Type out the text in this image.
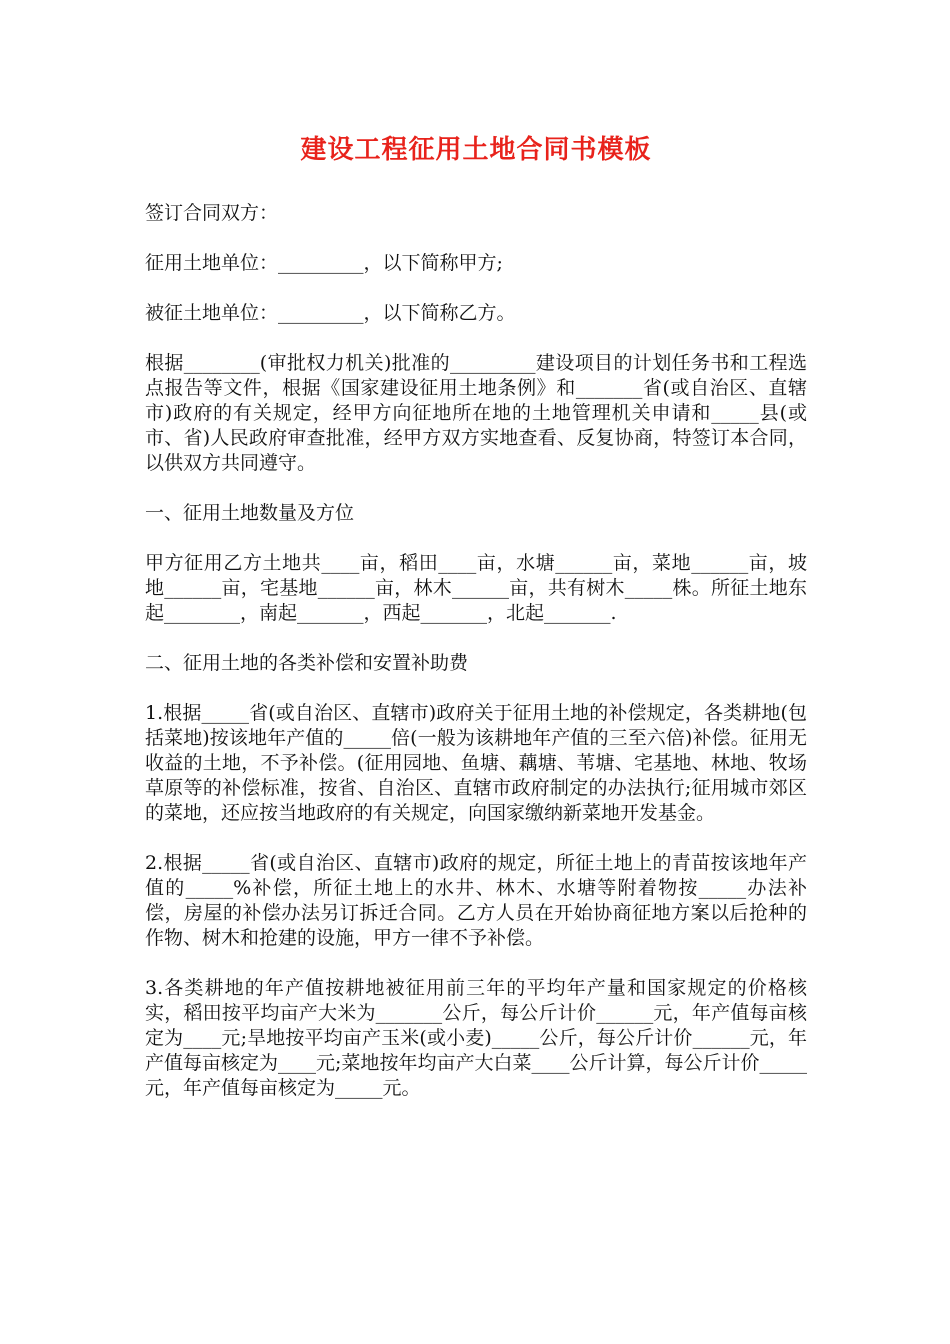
建设工程征用土地合同书模板

签订合同双方：

征用土地单位：_________，以下简称甲方;

被征土地单位：_________，以下简称乙方。

根据________(审批权力机关)批准的_________建设项目的计划任务书和工程选点报告等文件，根据《国家建设征用土地条例》和_______省(或自治区、直辖市)政府的有关规定，经甲方向征地所在地的土地管理机关申请和_____县(或市、省)人民政府审查批准，经甲方双方实地查看、反复协商，特签订本合同，以供双方共同遵守。

一、征用土地数量及方位

甲方征用乙方土地共____亩，稻田____亩，水塘______亩，菜地______亩，坡地______亩，宅基地______亩，林木______亩，共有树木_____株。所征土地东起________，南起_______，西起_______，北起_______.

二、征用土地的各类补偿和安置补助费

1.根据_____省(或自治区、直辖市)政府关于征用土地的补偿规定，各类耕地(包括菜地)按该地年产值的_____倍(一般为该耕地年产值的三至六倍)补偿。征用无收益的土地，不予补偿。(征用园地、鱼塘、藕塘、苇塘、宅基地、林地、牧场草原等的补偿标准，按省、自治区、直辖市政府制定的办法执行;征用城市郊区的菜地，还应按当地政府的有关规定，向国家缴纳新菜地开发基金。

2.根据_____省(或自治区、直辖市)政府的规定，所征土地上的青苗按该地年产值的_____%补偿，所征土地上的水井、林木、水塘等附着物按_____办法补偿，房屋的补偿办法另订拆迁合同。乙方人员在开始协商征地方案以后抢种的作物、树木和抢建的设施，甲方一律不予补偿。

3.各类耕地的年产值按耕地被征用前三年的平均年产量和国家规定的价格核实，稻田按平均亩产大米为_______公斤，每公斤计价______元，年产值每亩核定为____元;旱地按平均亩产玉米(或小麦)_____公斤，每公斤计价______元，年产值每亩核定为____元;菜地按年均亩产大白菜____公斤计算，每公斤计价_____元，年产值每亩核定为_____元。
